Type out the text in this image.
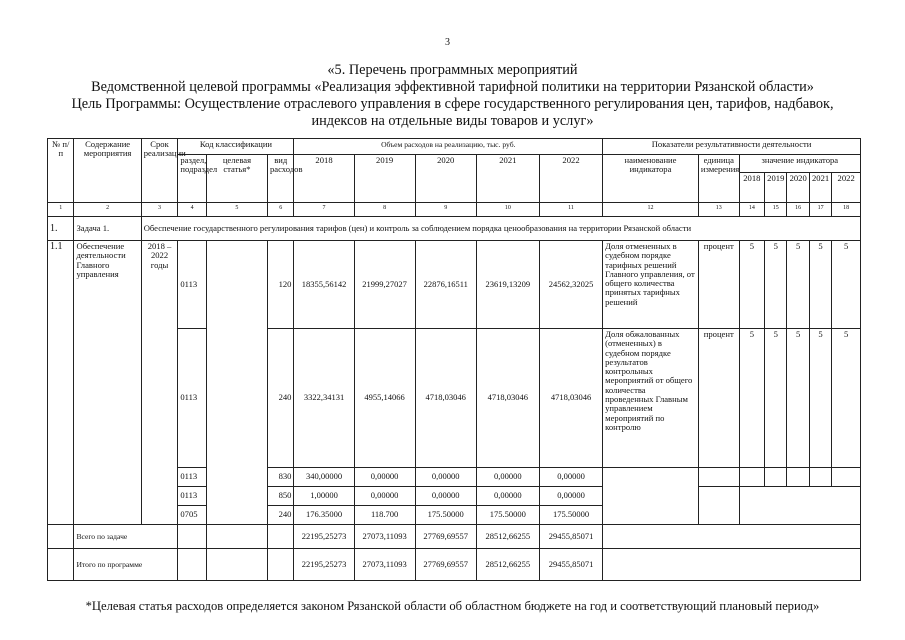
3
«5. Перечень программных мероприятий
Ведомственной целевой программы «Реализация эффективной тарифной политики на территории Рязанской области»
Цель Программы: Осуществление отраслевого управления в сфере государственного регулирования цен, тарифов, надбавок,
индексов на отдельные виды товаров и услуг»
№ п/п	Содержание мероприятия	Срок реализации	Код классификации			Объем расходов на реализацию, тыс. руб.					Показатели результативности деятельности						
			раздел, подраздел	целевая статья*	вид расходов	2018	2019	2020	2021	2022	наименование индикатора	единица измерения	значение индикатора				
													2018	2019	2020	2021	2022
1	2	3	4	5	6	7	8	9	10	11	12	13	14	15	16	17	18
1.	Задача 1.	Обеспечение государственного регулирования тарифов (цен) и контроль за соблюдением порядка ценообразования на территории Рязанской области															
1.1	Обеспечение деятельности Главного управления	2018 – 2022 годы	0113		120	18355,56142	21999,27027	22876,16511	23619,13209	24562,32025	Доля отмененных в судебном порядке тарифных решений Главного управления, от общего количества принятых тарифных решений	процент	5	5	5	5	5
			0113		240	3322,34131	4955,14066	4718,03046	4718,03046	4718,03046	Доля обжалованных (отмененных) в судебном порядке результатов контрольных мероприятий от общего количества проведенных Главным управлением мероприятий по контролю	процент	5	5	5	5	5
			0113		830	340,00000	0,00000	0,00000	0,00000	0,00000							
			0113		850	1,00000	0,00000	0,00000	0,00000	0,00000							
			0705		240	176.35000	118.700	175.50000	175.50000	175.50000							
	Всего по задаче					22195,25273	27073,11093	27769,69557	28512,66255	29455,85071							
	Итого по программе					22195,25273	27073,11093	27769,69557	28512,66255	29455,85071							
*Целевая статья расходов определяется законом Рязанской области об областном бюджете на год и соответствующий плановый период»
